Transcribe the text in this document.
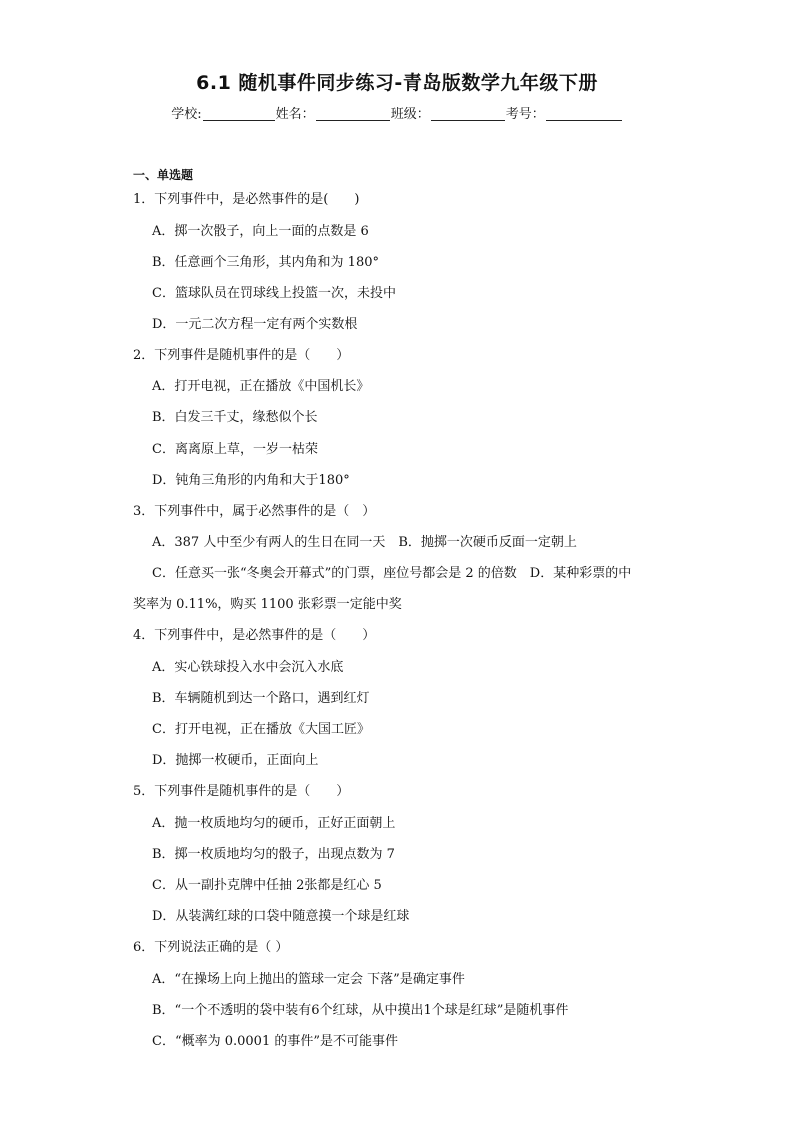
6.1 随机事件同步练习-青岛版数学九年级下册
学校:	姓名：	班级：	考号：
一、单选题
1．下列事件中，是必然事件的是(　　)
A．掷一次骰子，向上一面的点数是 6
B．任意画个三角形，其内角和为 180°
C．篮球队员在罚球线上投篮一次，未投中
D．一元二次方程一定有两个实数根
2．下列事件是随机事件的是（　　）
A．打开电视，正在播放《中国机长》
B．白发三千丈，缘愁似个长
C．离离原上草，一岁一枯荣
D．钝角三角形的内角和大于180°
3．下列事件中，属于必然事件的是（　）
A．387 人中至少有两人的生日在同一天　B．抛掷一次硬币反面一定朝上
C．任意买一张“冬奥会开幕式”的门票，座位号都会是 2 的倍数　D．某种彩票的中
奖率为 0.11%，购买 1100 张彩票一定能中奖
4．下列事件中，是必然事件的是（　　）
A．实心铁球投入水中会沉入水底
B．车辆随机到达一个路口，遇到红灯
C．打开电视，正在播放《大国工匠》
D．抛掷一枚硬币，正面向上
5．下列事件是随机事件的是（　　）
A．抛一枚质地均匀的硬币，正好正面朝上
B．掷一枚质地均匀的骰子，出现点数为 7
C．从一副扑克牌中任抽 2张都是红心 5
D．从装满红球的口袋中随意摸一个球是红球
6．下列说法正确的是（ ）
A．“在操场上向上抛出的篮球一定会 下落”是确定事件
B．“一个不透明的袋中装有6个红球，从中摸出1个球是红球”是随机事件
C．“概率为 0.0001 的事件”是不可能事件
